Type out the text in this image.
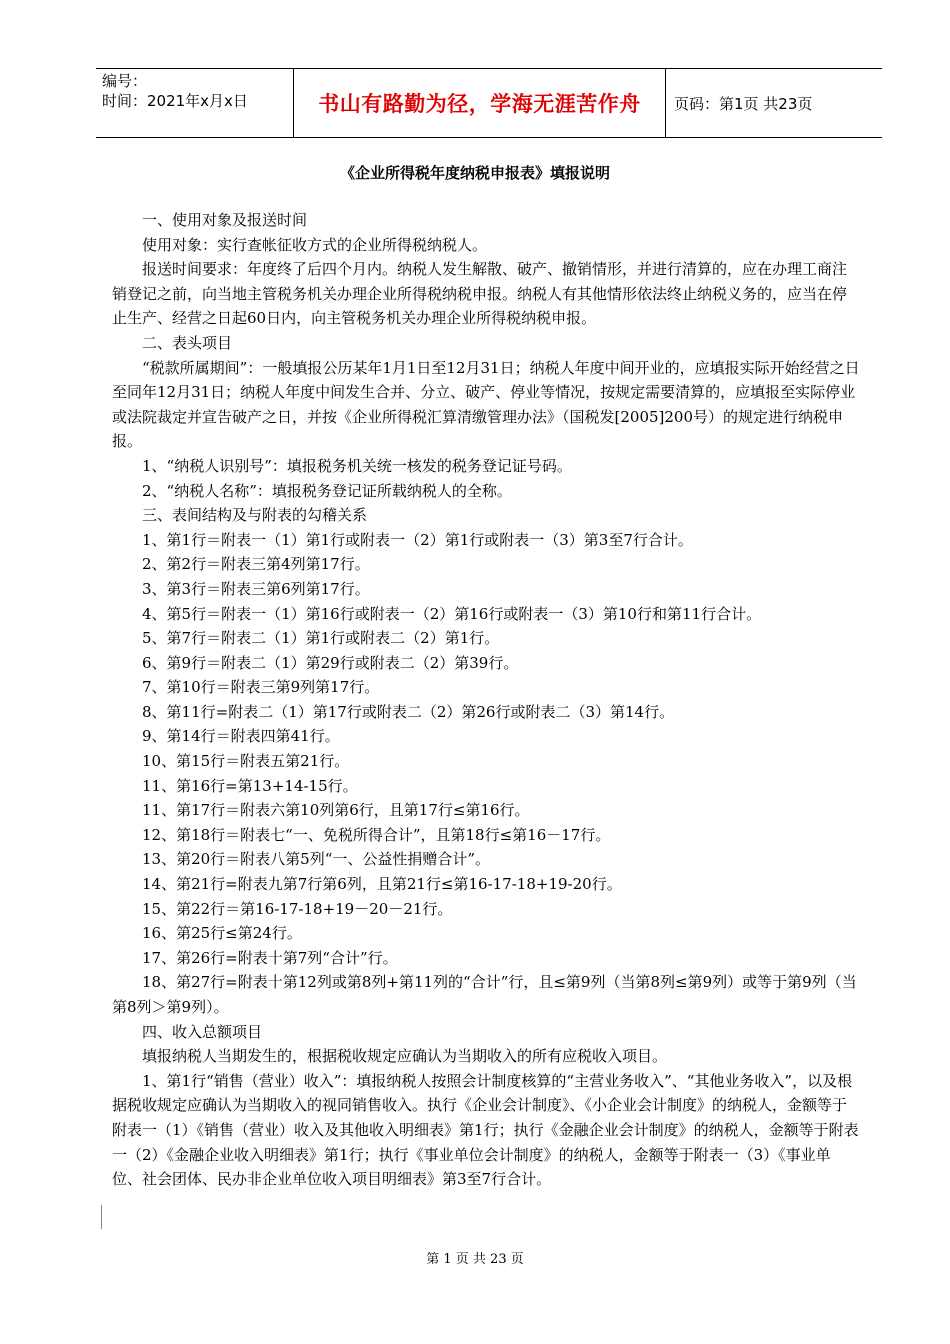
编号：
时间：2021年x月x日	书山有路勤为径，学海无涯苦作舟 页码：第1页 共23页
《企业所得税年度纳税申报表》填报说明

一、使用对象及报送时间

使用对象：实行查帐征收方式的企业所得税纳税人。

报送时间要求：年度终了后四个月内。纳税人发生解散、破产、撤销情形，并进行清算的，应在办理工商注销登记之前，向当地主管税务机关办理企业所得税纳税申报。纳税人有其他情形依法终止纳税义务的，应当在停止生产、经营之日起60日内，向主管税务机关办理企业所得税纳税申报。

二、表头项目

“税款所属期间”：一般填报公历某年1月1日至12月31日；纳税人年度中间开业的，应填报实际开始经营之日至同年12月31日；纳税人年度中间发生合并、分立、破产、停业等情况，按规定需要清算的，应填报至实际停业或法院裁定并宣告破产之日，并按《企业所得税汇算清缴管理办法》（国税发[2005]200号）的规定进行纳税申报。

1、“纳税人识别号”：填报税务机关统一核发的税务登记证号码。

2、“纳税人名称”：填报税务登记证所载纳税人的全称。

三、表间结构及与附表的勾稽关系

1、第1行＝附表一（1）第1行或附表一（2）第1行或附表一（3）第3至7行合计。

2、第2行＝附表三第4列第17行。

3、第3行＝附表三第6列第17行。

4、第5行＝附表一（1）第16行或附表一（2）第16行或附表一（3）第10行和第11行合计。

5、第7行＝附表二（1）第1行或附表二（2）第1行。

6、第9行＝附表二（1）第29行或附表二（2）第39行。

7、第10行＝附表三第9列第17行。

8、第11行=附表二（1）第17行或附表二（2）第26行或附表二（3）第14行。

9、第14行＝附表四第41行。

10、第15行＝附表五第21行。

11、第16行=第13+14-15行。

11、第17行＝附表六第10列第6行，且第17行≤第16行。

12、第18行＝附表七“一、免税所得合计”，且第18行≤第16－17行。

13、第20行＝附表八第5列“一、公益性捐赠合计”。

14、第21行=附表九第7行第6列，且第21行≤第16-17-18+19-20行。

15、第22行＝第16-17-18+19－20－21行。

16、第25行≤第24行。

17、第26行=附表十第7列“合计”行。

18、第27行=附表十第12列或第8列+第11列的“合计”行，且≤第9列（当第8列≤第9列）或等于第9列（当第8列＞第9列）。

四、收入总额项目

填报纳税人当期发生的，根据税收规定应确认为当期收入的所有应税收入项目。

1、第1行“销售（营业）收入”：填报纳税人按照会计制度核算的“主营业务收入”、“其他业务收入”，以及根据税收规定应确认为当期收入的视同销售收入。执行《企业会计制度》、《小企业会计制度》的纳税人，金额等于附表一（1）《销售（营业）收入及其他收入明细表》第1行；执行《金融企业会计制度》的纳税人，金额等于附表一（2）《金融企业收入明细表》第1行；执行《事业单位会计制度》的纳税人，金额等于附表一（3）《事业单位、社会团体、民办非企业单位收入项目明细表》第3至7行合计。

第 1 页 共 23 页
